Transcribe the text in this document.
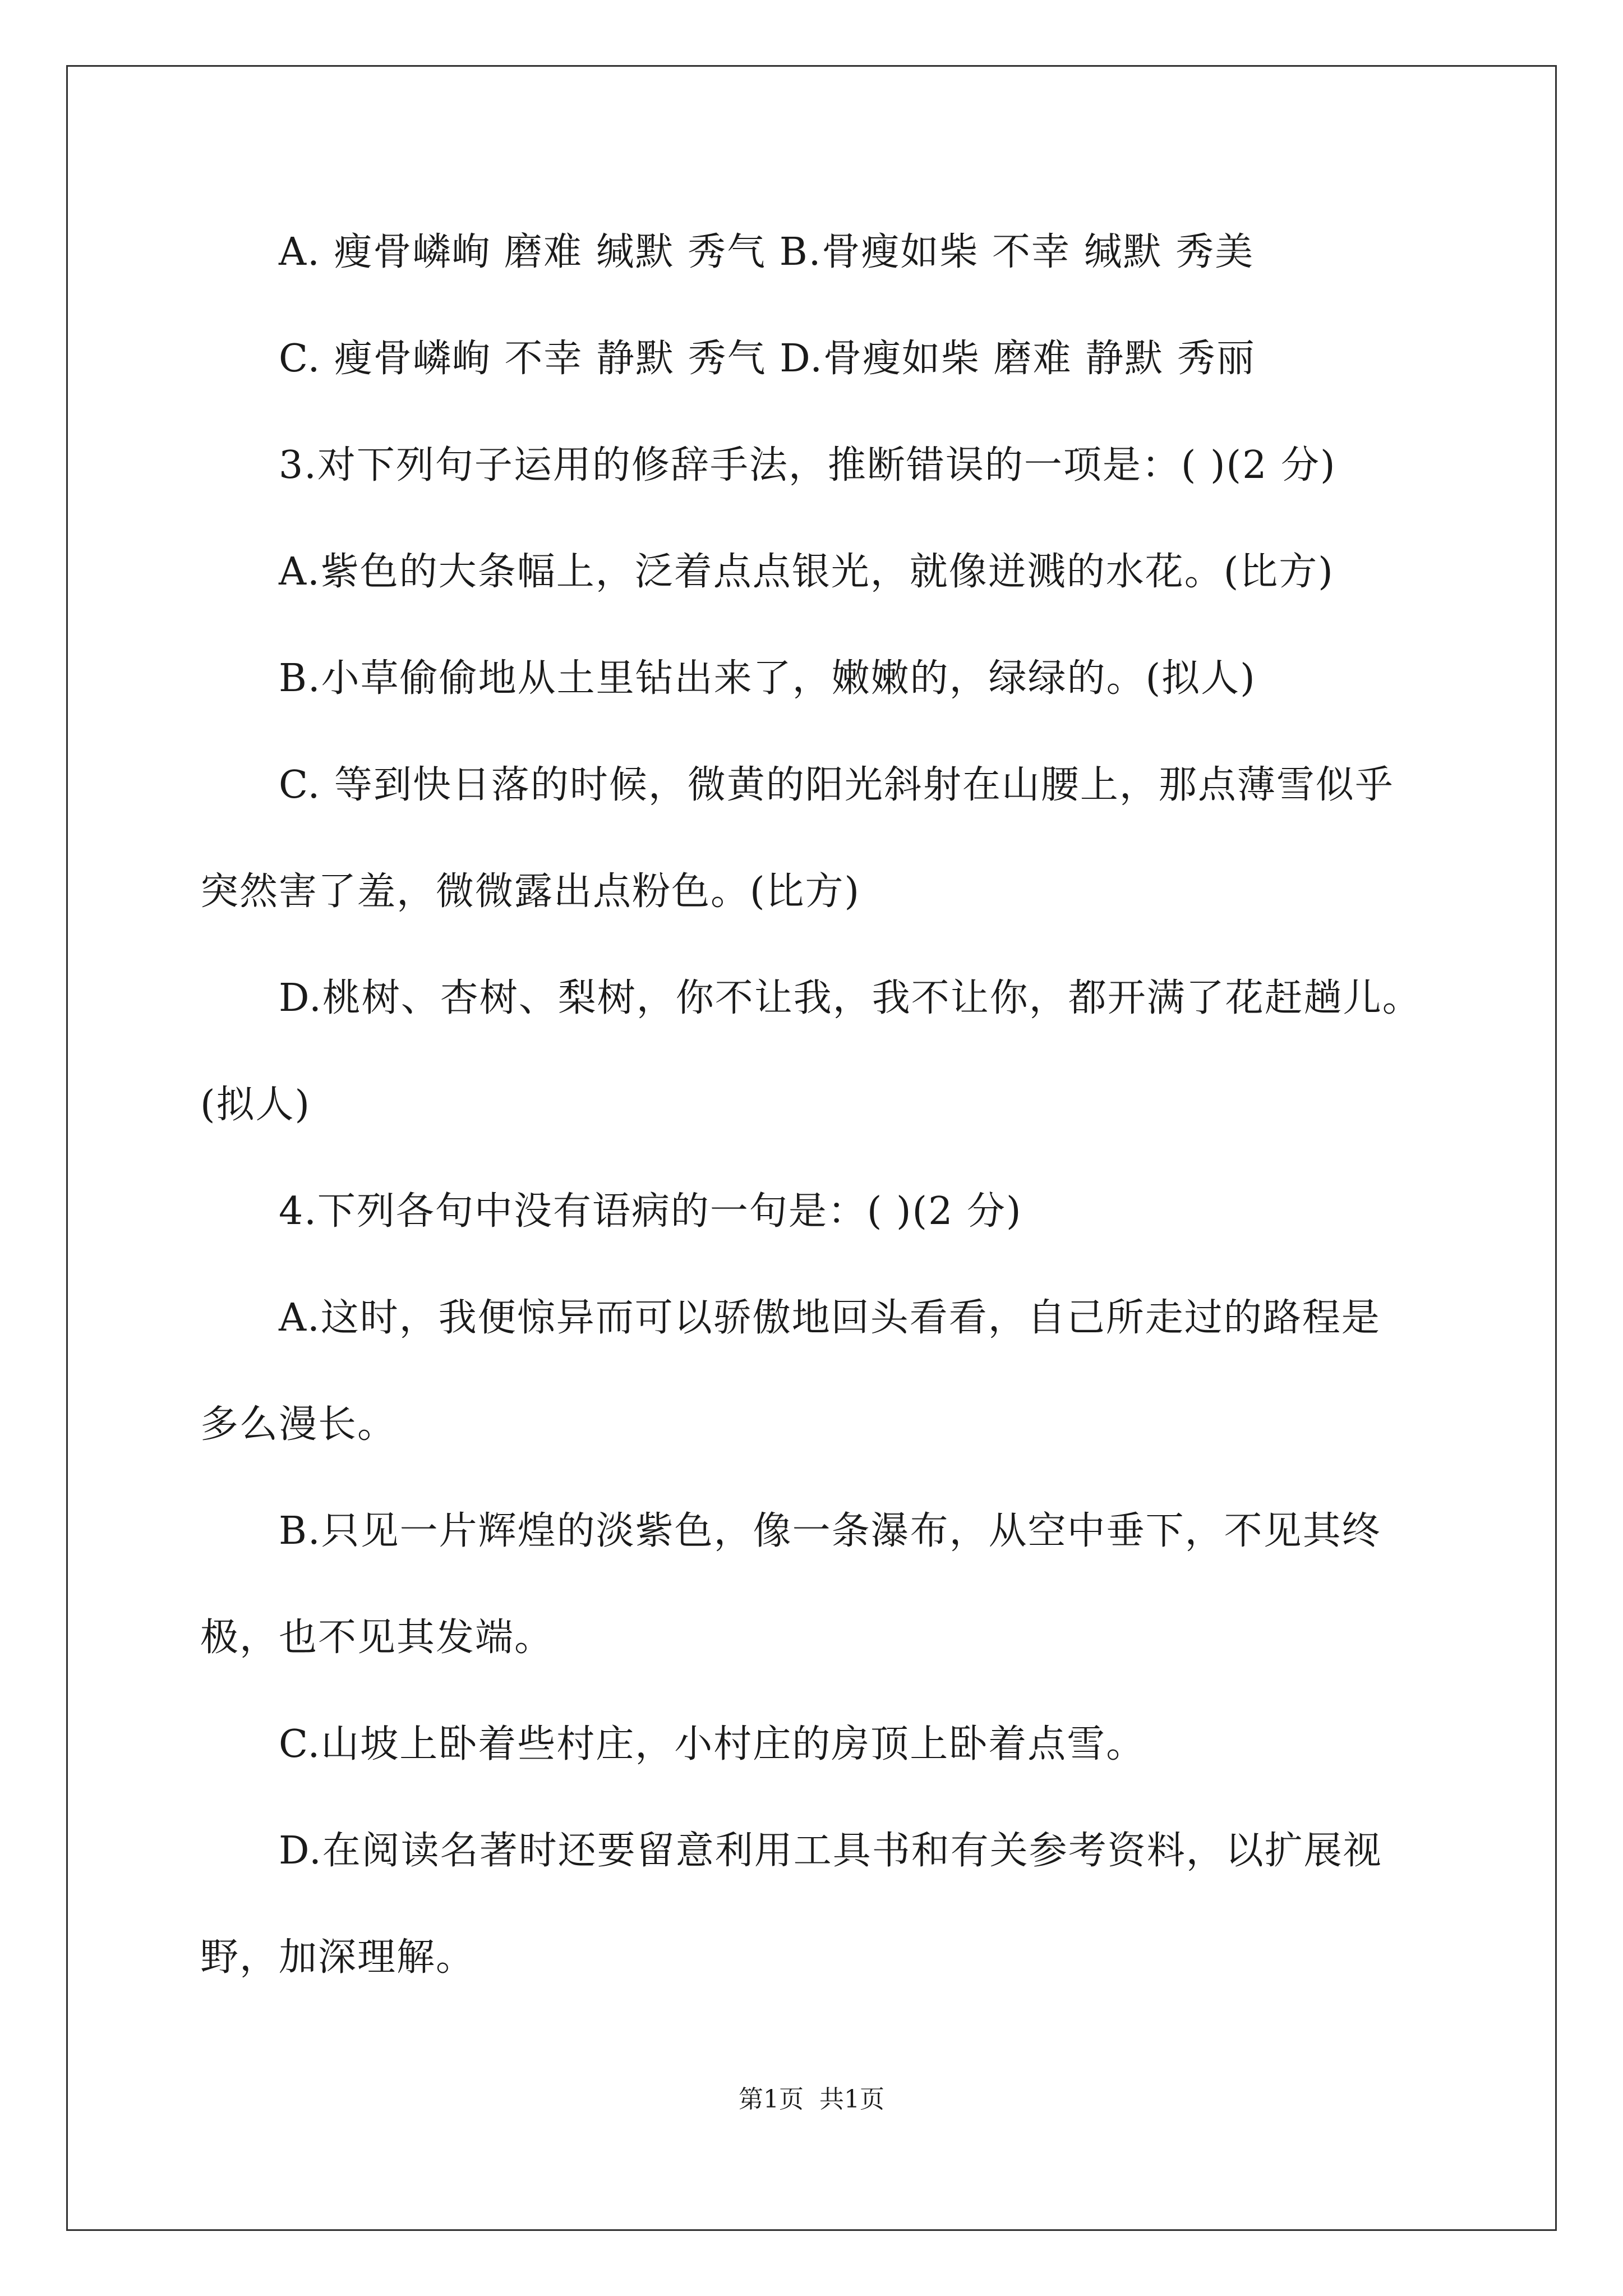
A. 瘦骨嶙峋 磨难 缄默 秀气 B.骨瘦如柴 不幸 缄默 秀美
C. 瘦骨嶙峋 不幸 静默 秀气 D.骨瘦如柴 磨难 静默 秀丽
3.对下列句子运用的修辞手法，推断错误的一项是：( )(2 分)
A.紫色的大条幅上，泛着点点银光，就像迸溅的水花。(比方)
B.小草偷偷地从土里钻出来了，嫩嫩的，绿绿的。(拟人)
C. 等到快日落的时候，微黄的阳光斜射在山腰上，那点薄雪似乎
突然害了羞，微微露出点粉色。(比方)
D.桃树、杏树、梨树，你不让我，我不让你，都开满了花赶趟儿。
(拟人)
4.下列各句中没有语病的一句是：( )(2 分)
A.这时，我便惊异而可以骄傲地回头看看，自己所走过的路程是
多么漫长。
B.只见一片辉煌的淡紫色，像一条瀑布，从空中垂下，不见其终
极，也不见其发端。
C.山坡上卧着些村庄，小村庄的房顶上卧着点雪。
D.在阅读名著时还要留意利用工具书和有关参考资料，以扩展视
野，加深理解。
第1页 共1页
